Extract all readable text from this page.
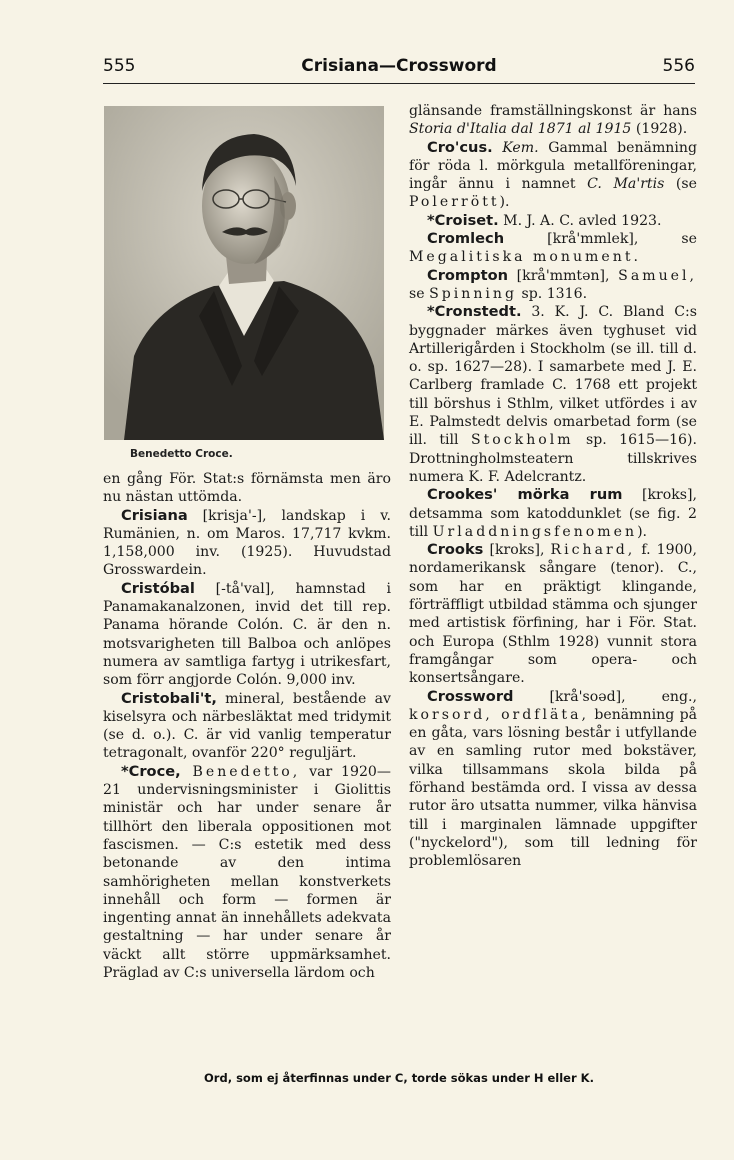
555	Crisiana—Crossword	556
Benedetto Croce.

en gång För. Stat:s förnämsta men äro nu nästan uttömda.

Crisiana [krisja'-], landskap i v. Rumänien, n. om Maros. 17,717 kvkm. 1,158,000 inv. (1925). Huvudstad Grosswardein.

Cristóbal [-tå'val], hamnstad i Panamakanalzonen, invid det till rep. Panama hörande Colón. C. är den n. motsvarigheten till Balboa och anlöpes numera av samtliga fartyg i utrikesfart, som förr angjorde Colón. 9,000 inv.

Cristobali't, mineral, bestående av kiselsyra och närbesläktat med tridymit (se d. o.). C. är vid vanlig temperatur tetragonalt, ovanför 220° reguljärt.

*Croce, Benedetto, var 1920—21 undervisningsminister i Giolittis ministär och har under senare år tillhört den liberala oppositionen mot fascismen. — C:s estetik med dess betonande av den intima samhörigheten mellan konstverkets innehåll och form — formen är ingenting annat än innehållets adekvata gestaltning — har under senare år väckt allt större uppmärksamhet. Präglad av C:s universella lärdom och

glänsande framställningskonst är hans Storia d'Italia dal 1871 al 1915 (1928).

Cro'cus. Kem. Gammal benämning för röda l. mörkgula metallföreningar, ingår ännu i namnet C. Ma'rtis (se Polerrött).

*Croiset. M. J. A. C. avled 1923.

Cromlech [krå'mmlek], se Megalitiska monument.

Crompton [krå'mmtən], Samuel, se Spinning sp. 1316.

*Cronstedt. 3. K. J. C. Bland C:s byggnader märkes även tyghuset vid Artillerigården i Stockholm (se ill. till d. o. sp. 1627—28). I samarbete med J. E. Carlberg framlade C. 1768 ett projekt till börshus i Sthlm, vilket utfördes i av E. Palmstedt delvis omarbetad form (se ill. till Stockholm sp. 1615—16). Drottningholmsteatern tillskrives numera K. F. Adelcrantz.

Crookes' mörka rum [kroks], detsamma som katoddunklet (se fig. 2 till Urladdningsfenomen).

Crooks [kroks], Richard, f. 1900, nordamerikansk sångare (tenor). C., som har en präktigt klingande, förträffligt utbildad stämma och sjunger med artistisk förfining, har i För. Stat. och Europa (Sthlm 1928) vunnit stora framgångar som opera- och konsertsångare.

Crossword [krå'soəd], eng., korsord, ordfläta, benämning på en gåta, vars lösning består i utfyllande av en samling rutor med bokstäver, vilka tillsammans skola bilda på förhand bestämda ord. I vissa av dessa rutor äro utsatta nummer, vilka hänvisa till i marginalen lämnade uppgifter ("nyckelord"), som till ledning för problemlösaren

Ord, som ej återfinnas under C, torde sökas under H eller K.
